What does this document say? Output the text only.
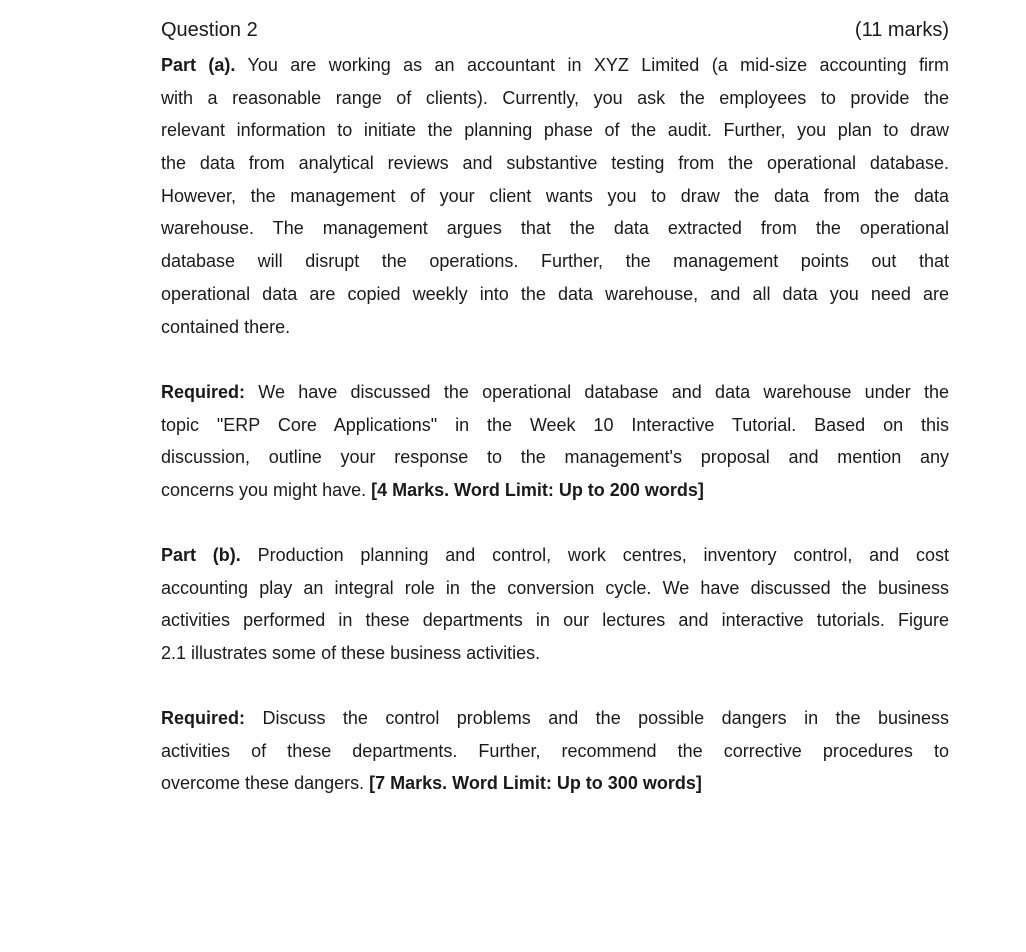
Question 2	(11 marks)
Part (a). You are working as an accountant in XYZ Limited (a mid-size accounting firm
with a reasonable range of clients). Currently, you ask the employees to provide the
relevant information to initiate the planning phase of the audit. Further, you plan to draw
the data from analytical reviews and substantive testing from the operational database.
However, the management of your client wants you to draw the data from the data
warehouse. The management argues that the data extracted from the operational
database will disrupt the operations. Further, the management points out that
operational data are copied weekly into the data warehouse, and all data you need are
contained there.
Required: We have discussed the operational database and data warehouse under the
topic "ERP Core Applications" in the Week 10 Interactive Tutorial. Based on this
discussion, outline your response to the management's proposal and mention any
concerns you might have. [4 Marks. Word Limit: Up to 200 words]
Part (b). Production planning and control, work centres, inventory control, and cost
accounting play an integral role in the conversion cycle. We have discussed the business
activities performed in these departments in our lectures and interactive tutorials. Figure
2.1 illustrates some of these business activities.
Required: Discuss the control problems and the possible dangers in the business
activities of these departments. Further, recommend the corrective procedures to
overcome these dangers. [7 Marks. Word Limit: Up to 300 words]
